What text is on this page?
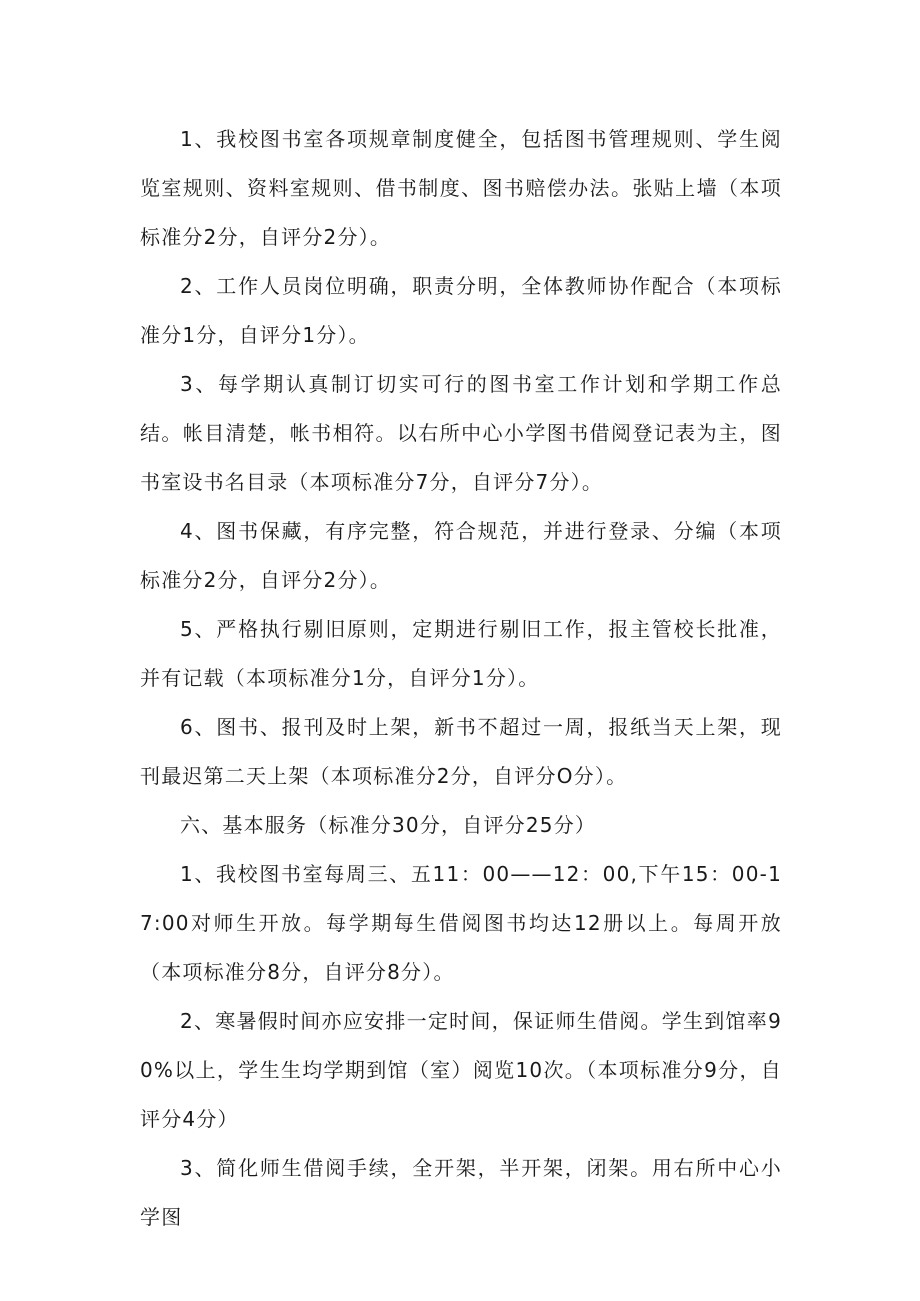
1、我校图书室各项规章制度健全，包括图书管理规则、学生阅览室规则、资料室规则、借书制度、图书赔偿办法。张贴上墙（本项标准分2分，自评分2分）。

2、工作人员岗位明确，职责分明，全体教师协作配合（本项标准分1分，自评分1分）。

3、每学期认真制订切实可行的图书室工作计划和学期工作总结。帐目清楚，帐书相符。以右所中心小学图书借阅登记表为主，图书室设书名目录（本项标准分7分，自评分7分）。

4、图书保藏，有序完整，符合规范，并进行登录、分编（本项标准分2分，自评分2分）。

5、严格执行剔旧原则，定期进行剔旧工作，报主管校长批准，并有记载（本项标准分1分，自评分1分）。

6、图书、报刊及时上架，新书不超过一周，报纸当天上架，现刊最迟第二天上架（本项标准分2分，自评分O分）。

六、基本服务（标准分30分，自评分25分）

1、我校图书室每周三、五11：00——12：00,下午15：00-17:00对师生开放。每学期每生借阅图书均达12册以上。每周开放（本项标准分8分，自评分8分）。

2、寒暑假时间亦应安排一定时间，保证师生借阅。学生到馆率90%以上，学生生均学期到馆（室）阅览10次。（本项标准分9分，自评分4分）

3、简化师生借阅手续，全开架，半开架，闭架。用右所中心小学图
